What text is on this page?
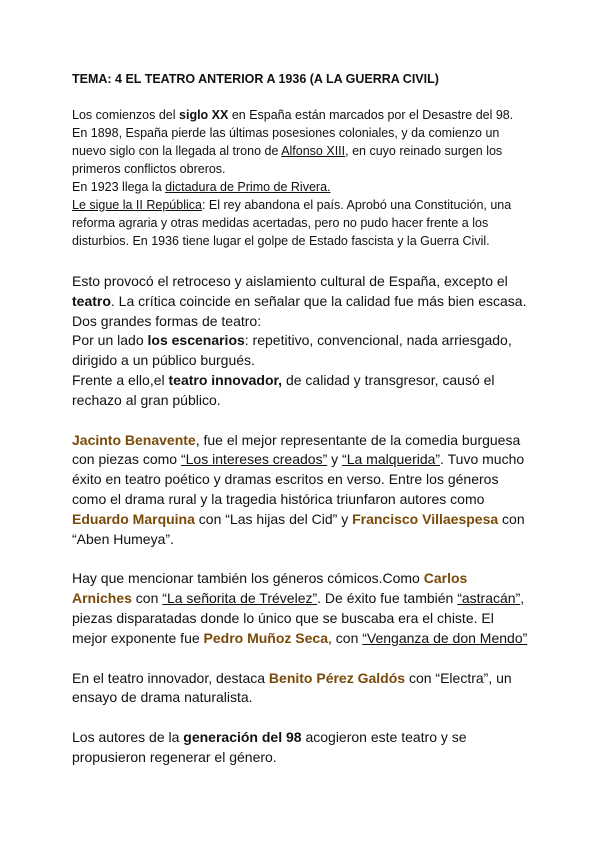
TEMA: 4 EL TEATRO ANTERIOR A 1936 (A LA GUERRA CIVIL)

Los comienzos del siglo XX en España están marcados por el Desastre del 98. En 1898, España pierde las últimas posesiones coloniales, y da comienzo un nuevo siglo con la llegada al trono de Alfonso XIII, en cuyo reinado surgen los primeros conflictos obreros.

En 1923 llega la dictadura de Primo de Rivera.

Le sigue la II República: El rey abandona el país. Aprobó una Constitución, una reforma agraria y otras medidas acertadas, pero no pudo hacer frente a los disturbios. En 1936 tiene lugar el golpe de Estado fascista y la Guerra Civil.

Esto provocó el retroceso y aislamiento cultural de España, excepto el teatro. La crítica coincide en señalar que la calidad fue más bien escasa. Dos grandes formas de teatro:

Por un lado los escenarios: repetitivo, convencional, nada arriesgado, dirigido a un público burgués.

Frente a ello,el teatro innovador, de calidad y transgresor, causó el rechazo al gran público.

Jacinto Benavente, fue el mejor representante de la comedia burguesa con piezas como “Los intereses creados” y “La malquerida”. Tuvo mucho éxito en teatro poético y dramas escritos en verso. Entre los géneros como el drama rural y la tragedia histórica triunfaron autores como Eduardo Marquina con “Las hijas del Cid” y Francisco Villaespesa con “Aben Humeya”.

Hay que mencionar también los géneros cómicos.Como Carlos Arniches con “La señorita de Trévelez”. De éxito fue también “astracán”, piezas disparatadas donde lo único que se buscaba era el chiste. El mejor exponente fue Pedro Muñoz Seca, con “Venganza de don Mendo”

En el teatro innovador, destaca Benito Pérez Galdós con “Electra”, un ensayo de drama naturalista.

Los autores de la generación del 98 acogieron este teatro y se propusieron regenerar el género.
